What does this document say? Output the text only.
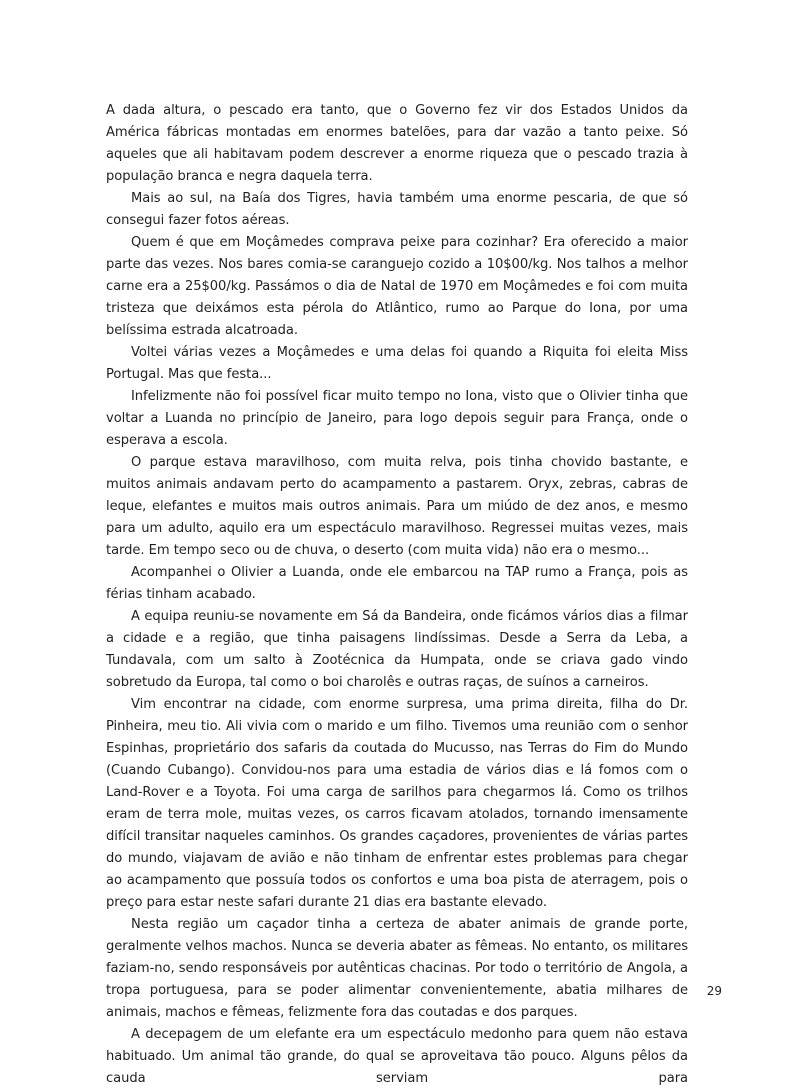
A dada altura, o pescado era tanto, que o Governo fez vir dos Estados Unidos da América fábricas montadas em enormes batelões, para dar vazão a tanto peixe. Só aqueles que ali habitavam podem descrever a enorme riqueza que o pescado trazia à população branca e negra daquela terra.

Mais ao sul, na Baía dos Tigres, havia também uma enorme pescaria, de que só consegui fazer fotos aéreas.

Quem é que em Moçâmedes comprava peixe para cozinhar? Era oferecido a maior parte das vezes. Nos bares comia-se caranguejo cozido a 10$00/kg. Nos talhos a melhor carne era a 25$00/kg. Passámos o dia de Natal de 1970 em Moçâmedes e foi com muita tristeza que deixámos esta pérola do Atlântico, rumo ao Parque do Iona, por uma belíssima estrada alcatroada.

Voltei várias vezes a Moçâmedes e uma delas foi quando a Riquita foi eleita Miss Portugal. Mas que festa...

Infelizmente não foi possível ficar muito tempo no Iona, visto que o Olivier tinha que voltar a Luanda no princípio de Janeiro, para logo depois seguir para França, onde o esperava a escola.

O parque estava maravilhoso, com muita relva, pois tinha chovido bastante, e muitos animais andavam perto do acampamento a pastarem. Oryx, zebras, cabras de leque, elefantes e muitos mais outros animais. Para um miúdo de dez anos, e mesmo para um adulto, aquilo era um espectáculo maravilhoso. Regressei muitas vezes, mais tarde. Em tempo seco ou de chuva, o deserto (com muita vida) não era o mesmo...

Acompanhei o Olivier a Luanda, onde ele embarcou na TAP rumo a França, pois as férias tinham acabado.

A equipa reuniu-se novamente em Sá da Bandeira, onde ficámos vários dias a filmar a cidade e a região, que tinha paisagens lindíssimas. Desde a Serra da Leba, a Tundavala, com um salto à Zootécnica da Humpata, onde se criava gado vindo sobretudo da Europa, tal como o boi charolês e outras raças, de suínos a carneiros.

Vim encontrar na cidade, com enorme surpresa, uma prima direita, filha do Dr. Pinheira, meu tio. Ali vivia com o marido e um filho. Tivemos uma reunião com o senhor Espinhas, proprietário dos safaris da coutada do Mucusso, nas Terras do Fim do Mundo (Cuando Cubango). Convidou-nos para uma estadia de vários dias e lá fomos com o Land-Rover e a Toyota. Foi uma carga de sarilhos para chegarmos lá. Como os trilhos eram de terra mole, muitas vezes, os carros ficavam atolados, tornando imensamente difícil transitar naqueles caminhos. Os grandes caçadores, provenientes de várias partes do mundo, viajavam de avião e não tinham de enfrentar estes problemas para chegar ao acampamento que possuía todos os confortos e uma boa pista de aterragem, pois o preço para estar neste safari durante 21 dias era bastante elevado.

Nesta região um caçador tinha a certeza de abater animais de grande porte, geralmente velhos machos. Nunca se deveria abater as fêmeas. No entanto, os militares faziam-no, sendo responsáveis por autênticas chacinas. Por todo o território de Angola, a tropa portuguesa, para se poder alimentar convenientemente, abatia milhares de animais, machos e fêmeas, felizmente fora das coutadas e dos parques.

A decepagem de um elefante era um espectáculo medonho para quem não estava habituado. Um animal tão grande, do qual se aproveitava tão pouco. Alguns pêlos da cauda serviam para

29
